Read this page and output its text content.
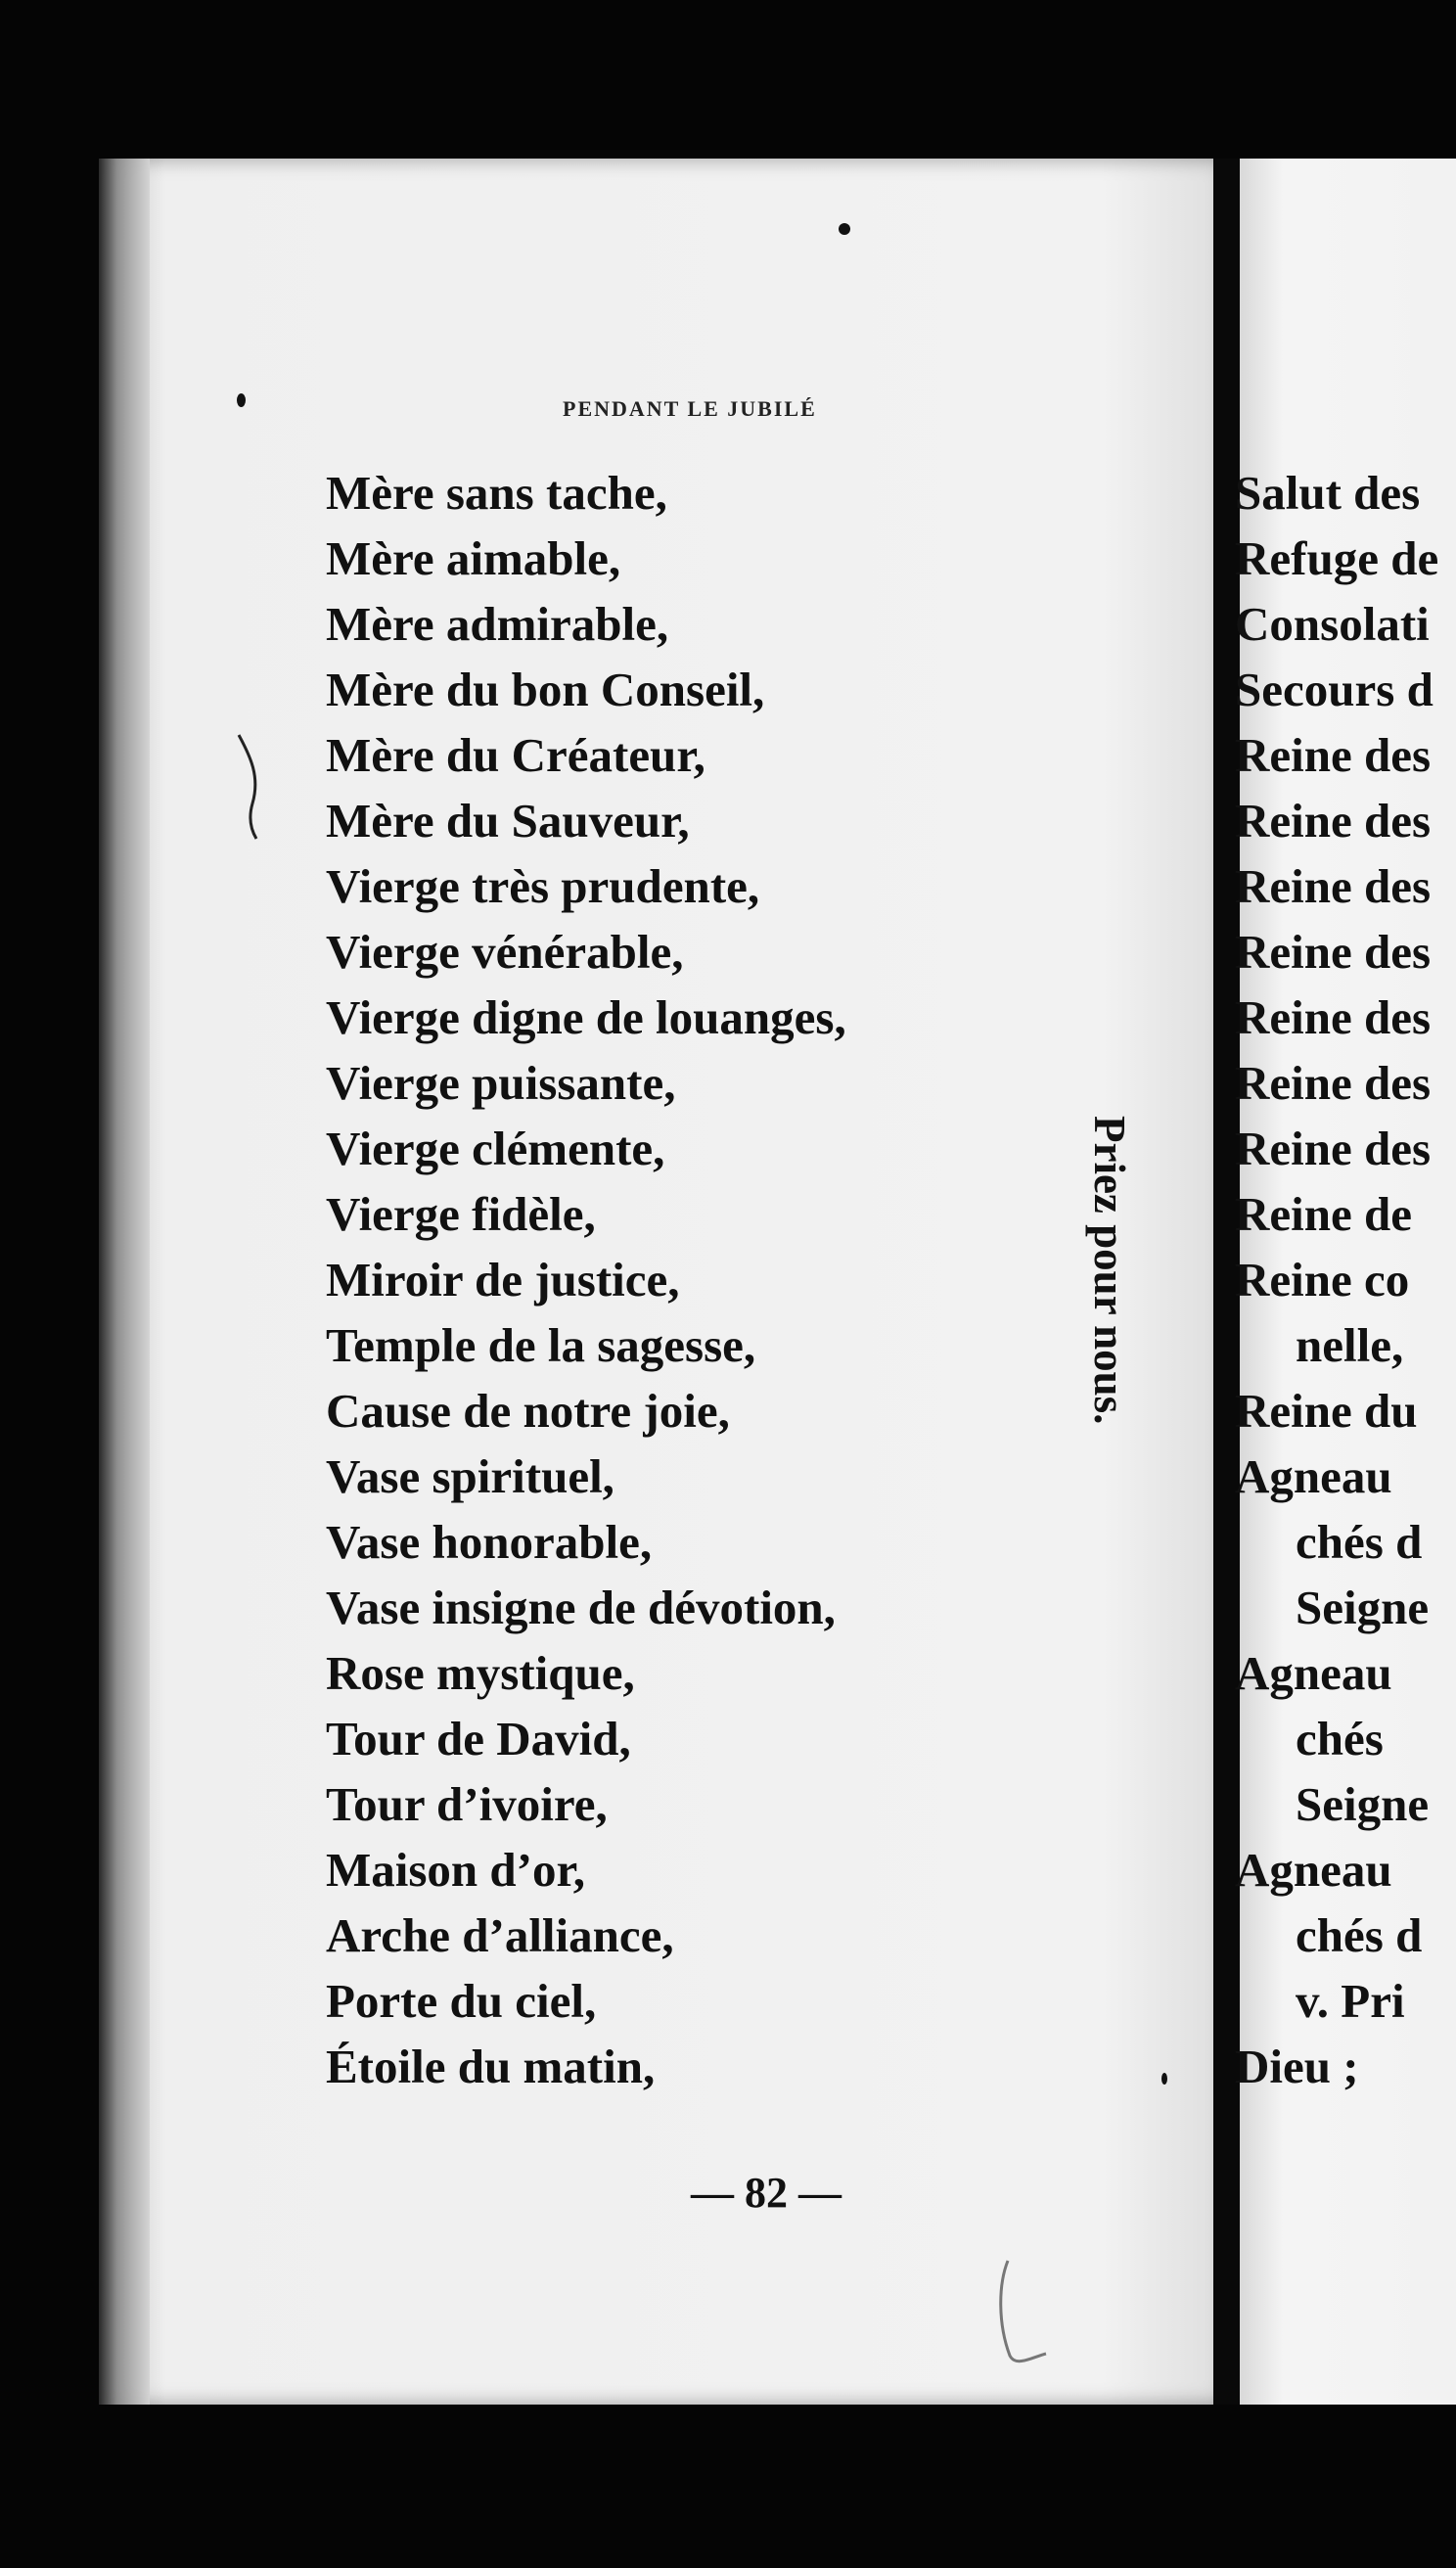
PENDANT LE JUBILÉ
Mère sans tache,
Mère aimable,
Mère admirable,
Mère du bon Conseil,
Mère du Créateur,
Mère du Sauveur,
Vierge très prudente,
Vierge vénérable,
Vierge digne de louanges,
Vierge puissante,
Vierge clémente,
Vierge fidèle,
Miroir de justice,
Temple de la sagesse,
Cause de notre joie,
Vase spirituel,
Vase honorable,
Vase insigne de dévotion,
Rose mystique,
Tour de David,
Tour d’ivoire,
Maison d’or,
Arche d’alliance,
Porte du ciel,
Étoile du matin,
Priez pour nous.
— 82 —
Salut des
Refuge de
Consolati
Secours d
Reine des
Reine des
Reine des
Reine des
Reine des
Reine des
Reine des
Reine de
Reine co
nelle,
Reine du
Agneau
chés d
Seigne
Agneau
chés
Seigne
Agneau
chés d
v. Pri
Dieu ;
